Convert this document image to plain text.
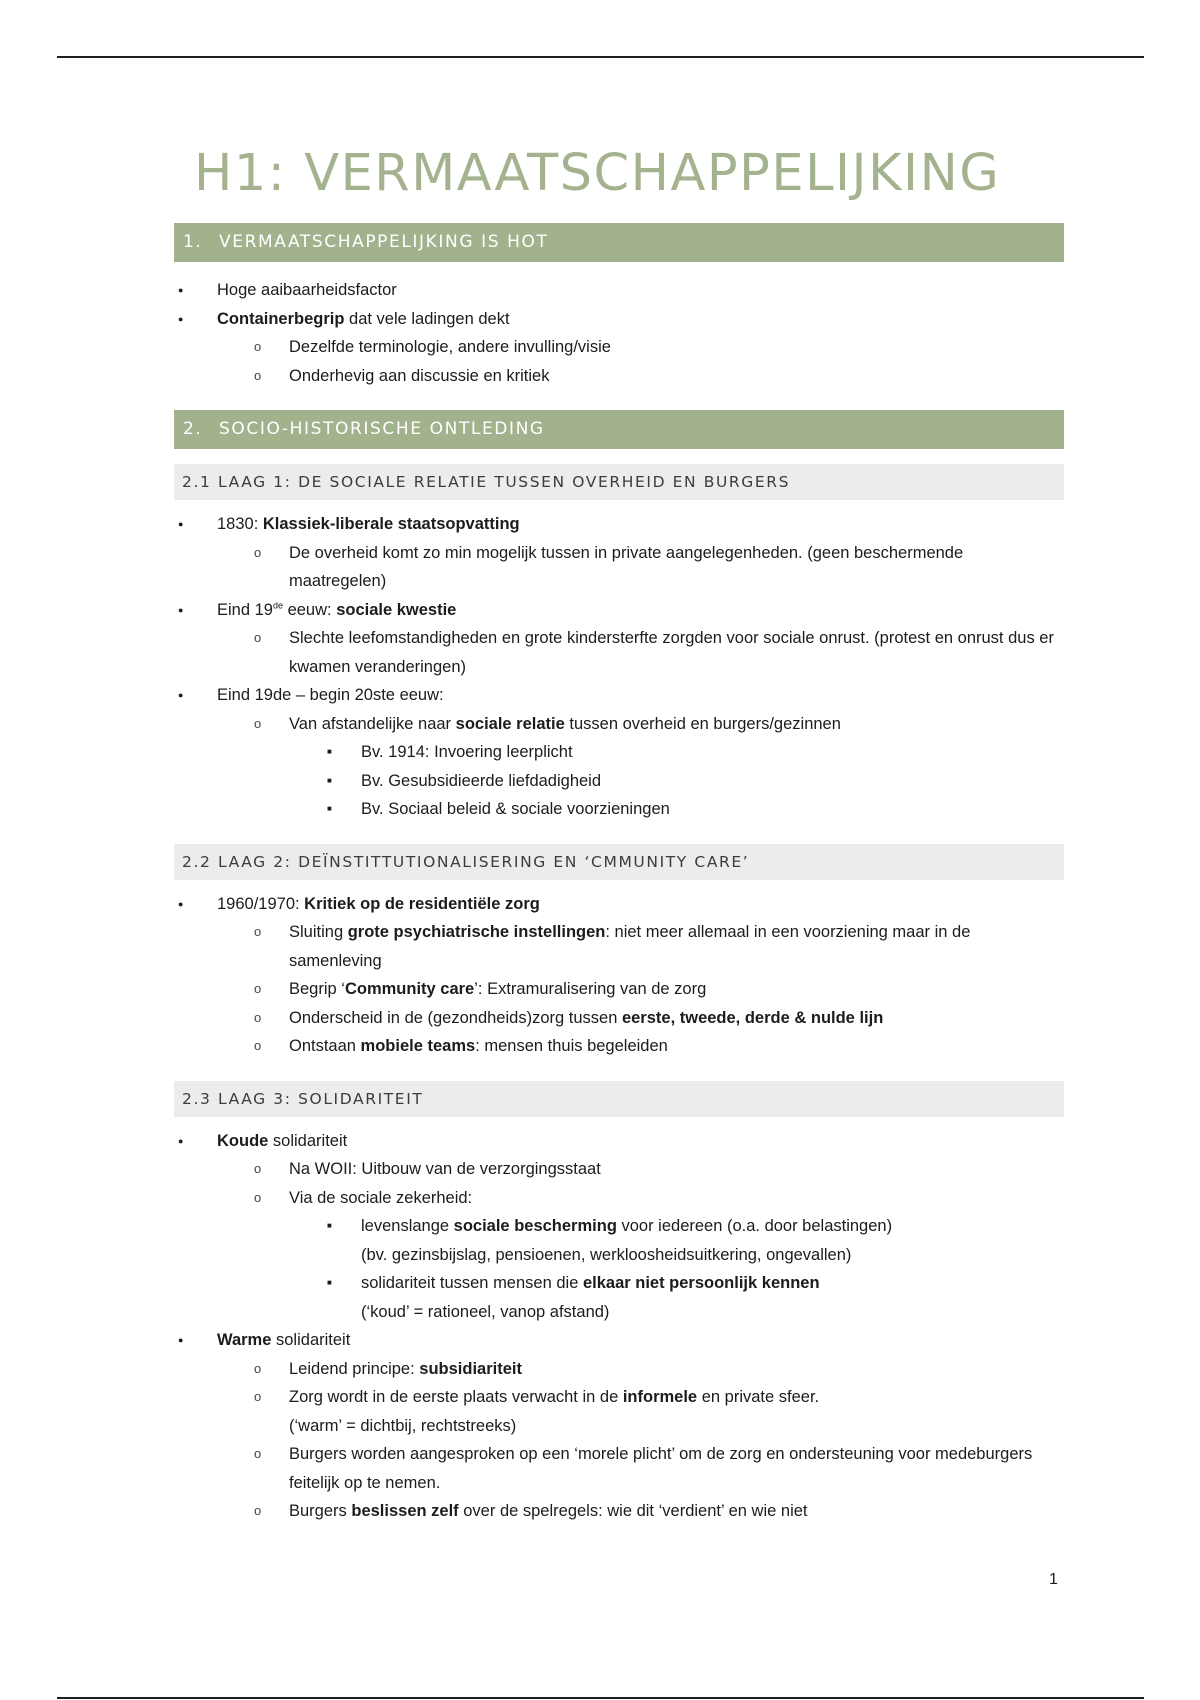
H1: VERMAATSCHAPPELIJKING
1. VERMAATSCHAPPELIJKING IS HOT
● Hoge aaibaarheidsfactor
● Containerbegrip dat vele ladingen dekt
o Dezelfde terminologie, andere invulling/visie
o Onderhevig aan discussie en kritiek
2. SOCIO-HISTORISCHE ONTLEDING
2.1 LAAG 1: DE SOCIALE RELATIE TUSSEN OVERHEID EN BURGERS
● 1830: Klassiek-liberale staatsopvatting
o De overheid komt zo min mogelijk tussen in private aangelegenheden. (geen beschermende maatregelen)
● Eind 19de eeuw: sociale kwestie
o Slechte leefomstandigheden en grote kindersterfte zorgden voor sociale onrust. (protest en onrust dus er kwamen veranderingen)
● Eind 19de – begin 20ste eeuw:
o Van afstandelijke naar sociale relatie tussen overheid en burgers/gezinnen
■ Bv. 1914: Invoering leerplicht
■ Bv. Gesubsidieerde liefdadigheid
■ Bv. Sociaal beleid & sociale voorzieningen
2.2 LAAG 2: DEÏNSTITTUTIONALISERING EN ‘CMMUNITY CARE’
● 1960/1970: Kritiek op de residentiële zorg
o Sluiting grote psychiatrische instellingen: niet meer allemaal in een voorziening maar in de samenleving
o Begrip ‘Community care’: Extramuralisering van de zorg
o Onderscheid in de (gezondheids)zorg tussen eerste, tweede, derde & nulde lijn
o Ontstaan mobiele teams: mensen thuis begeleiden
2.3 LAAG 3: SOLIDARITEIT
● Koude solidariteit
o Na WOII: Uitbouw van de verzorgingsstaat
o Via de sociale zekerheid:
■ levenslange sociale bescherming voor iedereen (o.a. door belastingen)
(bv. gezinsbijslag, pensioenen, werkloosheidsuitkering, ongevallen)
■ solidariteit tussen mensen die elkaar niet persoonlijk kennen
(‘koud’ = rationeel, vanop afstand)
● Warme solidariteit
o Leidend principe: subsidiariteit
o Zorg wordt in de eerste plaats verwacht in de informele en private sfeer.
(‘warm’ = dichtbij, rechtstreeks)
o Burgers worden aangesproken op een ‘morele plicht’ om de zorg en ondersteuning voor medeburgers feitelijk op te nemen.
o Burgers beslissen zelf over de spelregels: wie dit ‘verdient’ en wie niet
1
